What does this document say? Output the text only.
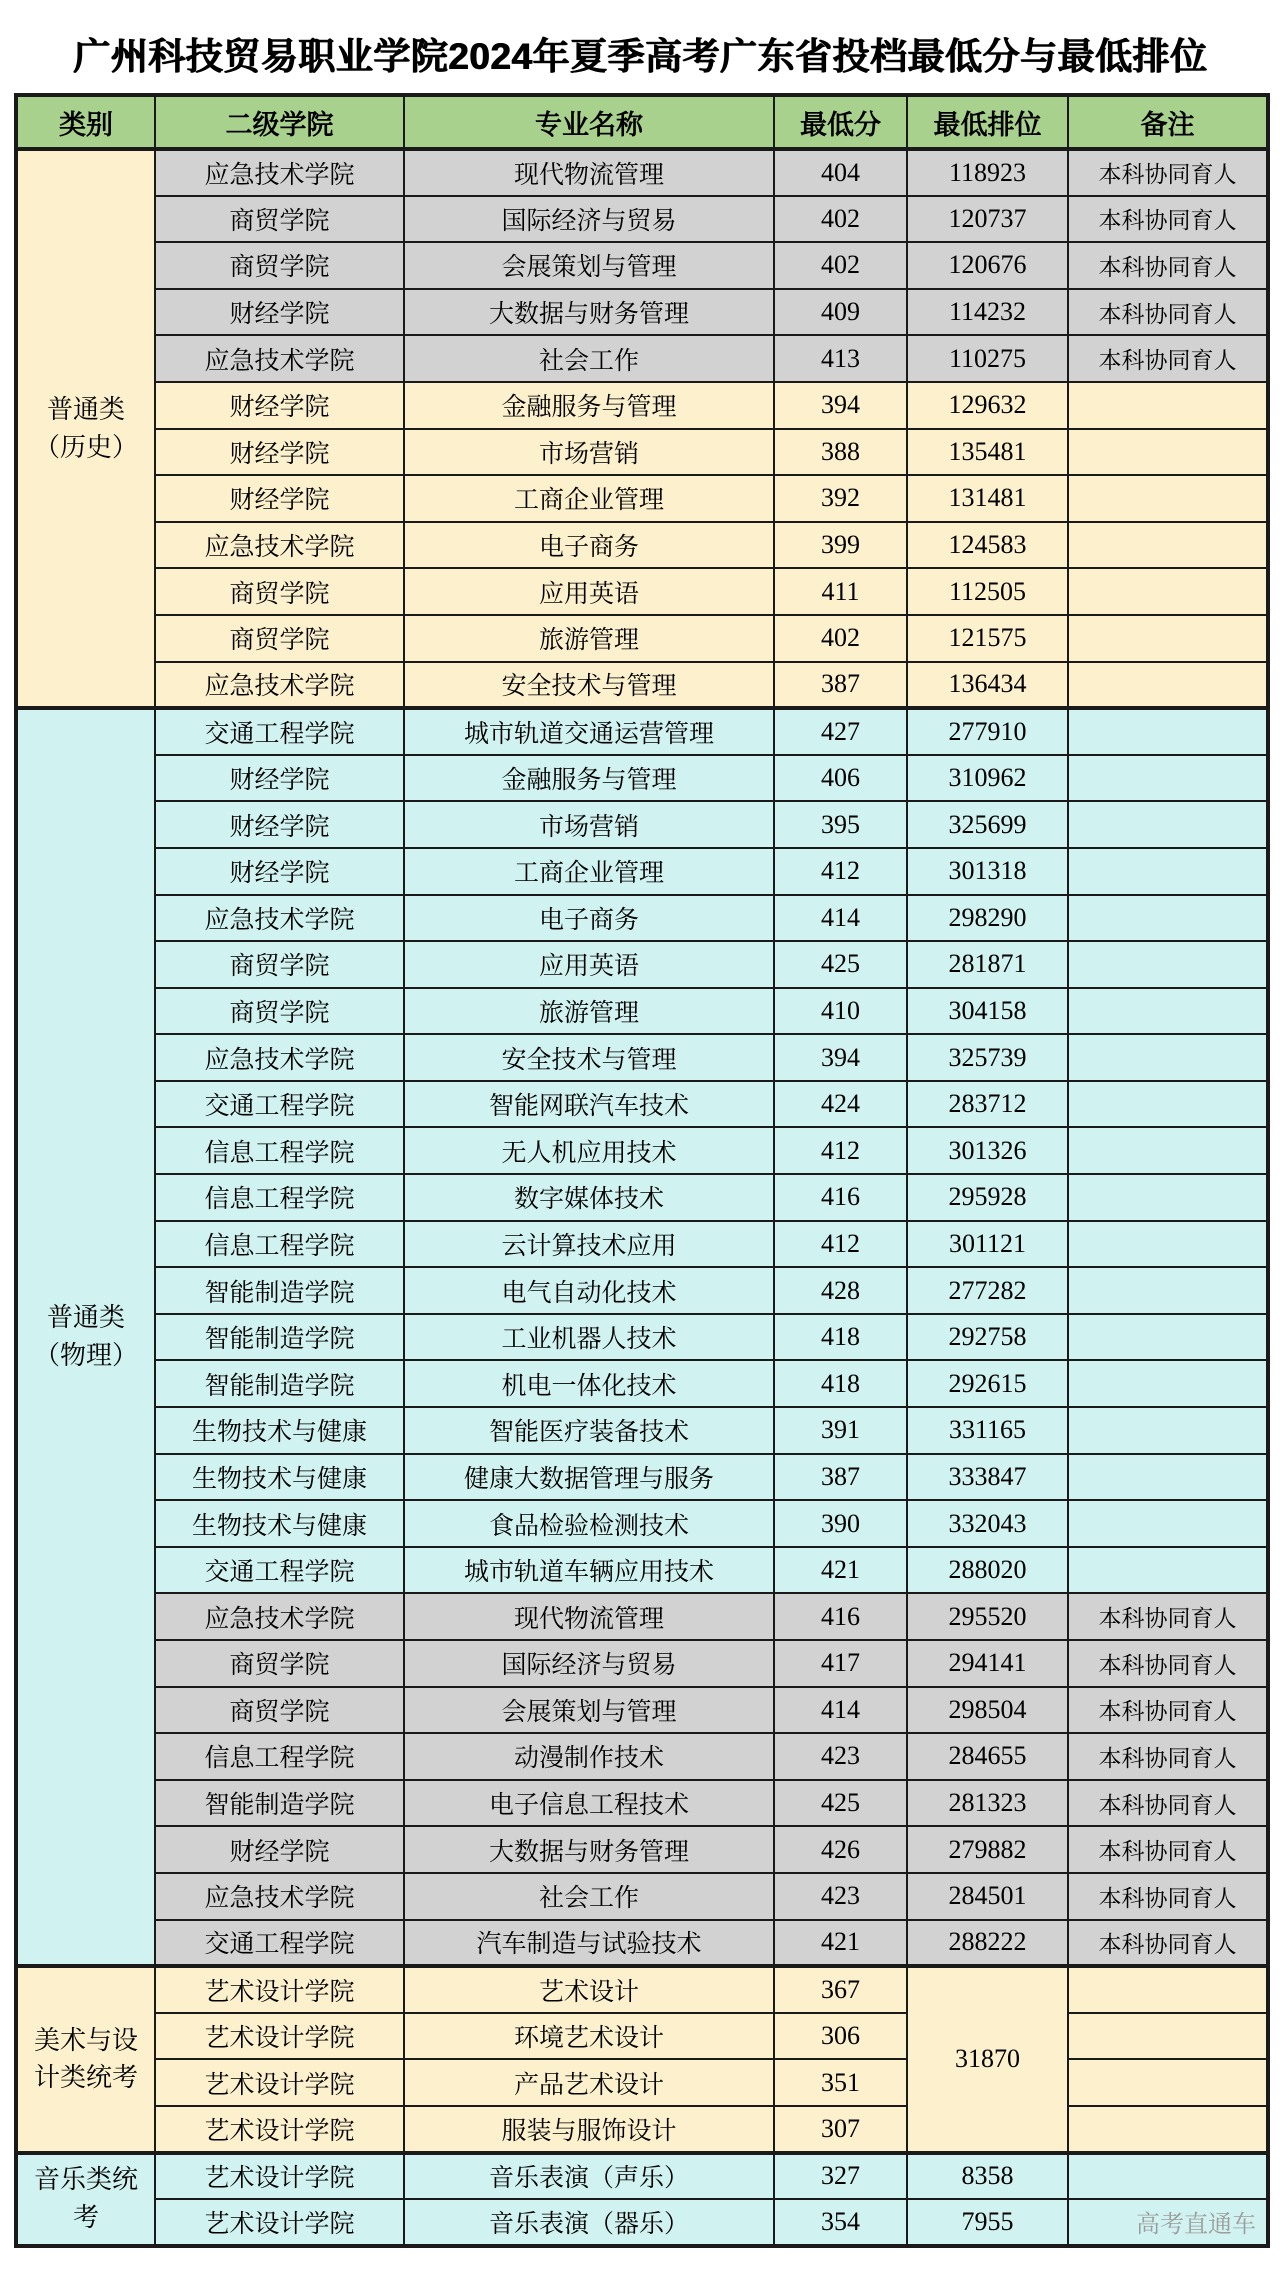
广州科技贸易职业学院2024年夏季高考广东省投档最低分与最低排位
类别	二级学院	专业名称	最低分	最低排位	备注
普通类
（历史）	应急技术学院	现代物流管理	404	118923	本科协同育人
	商贸学院	国际经济与贸易	402	120737	本科协同育人
	商贸学院	会展策划与管理	402	120676	本科协同育人
	财经学院	大数据与财务管理	409	114232	本科协同育人
	应急技术学院	社会工作	413	110275	本科协同育人
	财经学院	金融服务与管理	394	129632	
	财经学院	市场营销	388	135481	
	财经学院	工商企业管理	392	131481	
	应急技术学院	电子商务	399	124583	
	商贸学院	应用英语	411	112505	
	商贸学院	旅游管理	402	121575	
	应急技术学院	安全技术与管理	387	136434	
普通类
（物理）	交通工程学院	城市轨道交通运营管理	427	277910	
	财经学院	金融服务与管理	406	310962	
	财经学院	市场营销	395	325699	
	财经学院	工商企业管理	412	301318	
	应急技术学院	电子商务	414	298290	
	商贸学院	应用英语	425	281871	
	商贸学院	旅游管理	410	304158	
	应急技术学院	安全技术与管理	394	325739	
	交通工程学院	智能网联汽车技术	424	283712	
	信息工程学院	无人机应用技术	412	301326	
	信息工程学院	数字媒体技术	416	295928	
	信息工程学院	云计算技术应用	412	301121	
	智能制造学院	电气自动化技术	428	277282	
	智能制造学院	工业机器人技术	418	292758	
	智能制造学院	机电一体化技术	418	292615	
	生物技术与健康	智能医疗装备技术	391	331165	
	生物技术与健康	健康大数据管理与服务	387	333847	
	生物技术与健康	食品检验检测技术	390	332043	
	交通工程学院	城市轨道车辆应用技术	421	288020	
	应急技术学院	现代物流管理	416	295520	本科协同育人
	商贸学院	国际经济与贸易	417	294141	本科协同育人
	商贸学院	会展策划与管理	414	298504	本科协同育人
	信息工程学院	动漫制作技术	423	284655	本科协同育人
	智能制造学院	电子信息工程技术	425	281323	本科协同育人
	财经学院	大数据与财务管理	426	279882	本科协同育人
	应急技术学院	社会工作	423	284501	本科协同育人
	交通工程学院	汽车制造与试验技术	421	288222	本科协同育人
美术与设
计类统考	艺术设计学院	艺术设计	367	31870	
	艺术设计学院	环境艺术设计	306		
	艺术设计学院	产品艺术设计	351		
	艺术设计学院	服装与服饰设计	307		
音乐类统
考	艺术设计学院	音乐表演（声乐）	327	8358	
	艺术设计学院	音乐表演（器乐）	354	7955	高考直通车
